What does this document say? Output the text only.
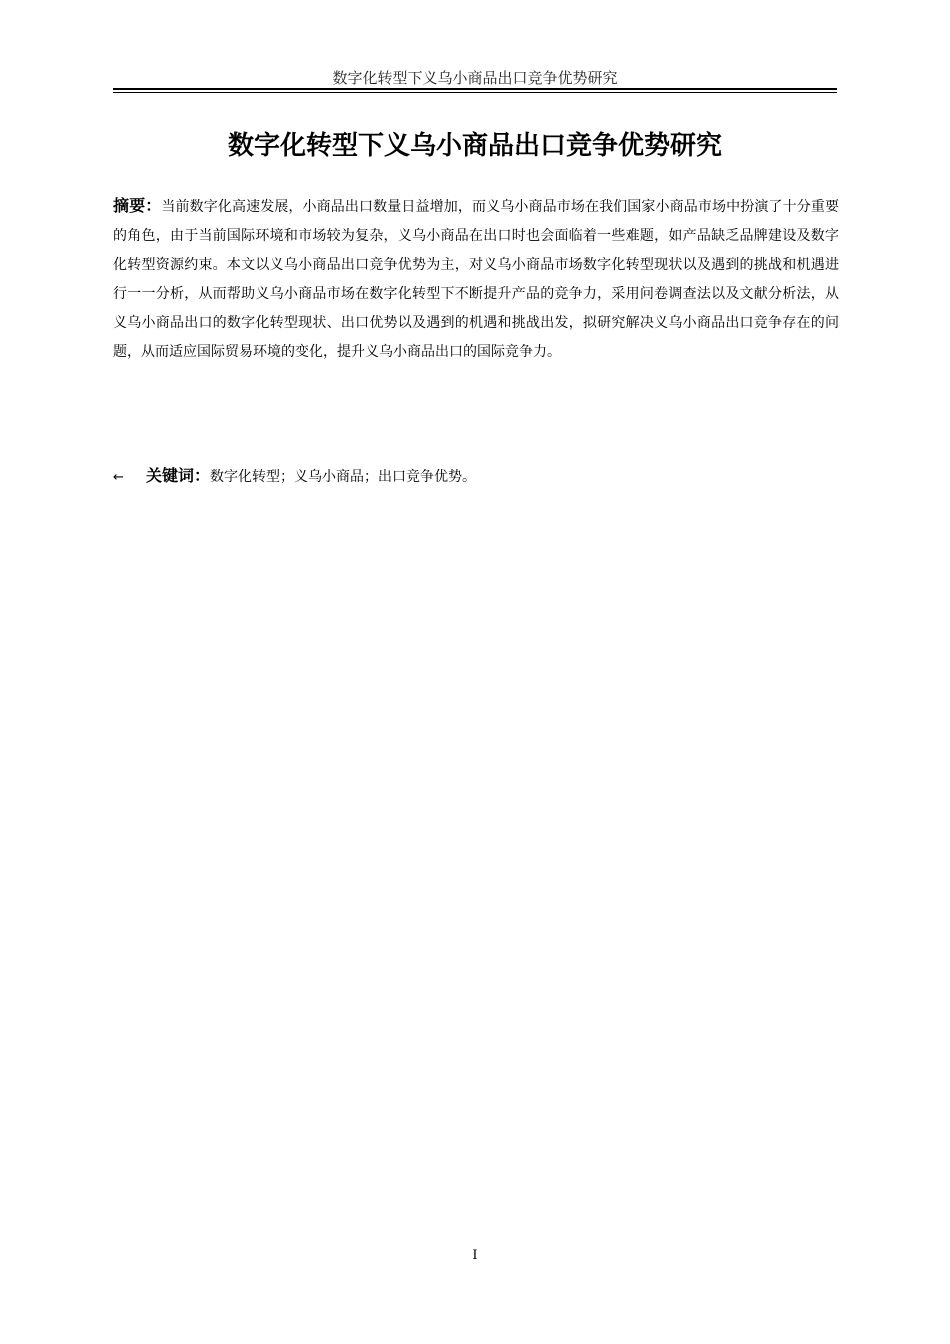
数字化转型下义乌小商品出口竞争优势研究
数字化转型下义乌小商品出口竞争优势研究

摘要：当前数字化高速发展，小商品出口数量日益增加，而义乌小商品市场在我们国家小商品市场中扮演了十分重要的角色，由于当前国际环境和市场较为复杂，义乌小商品在出口时也会面临着一些难题，如产品缺乏品牌建设及数字化转型资源约束。本文以义乌小商品出口竞争优势为主，对义乌小商品市场数字化转型现状以及遇到的挑战和机遇进行一一分析，从而帮助义乌小商品市场在数字化转型下不断提升产品的竞争力，采用问卷调查法以及文献分析法，从义乌小商品出口的数字化转型现状、出口优势以及遇到的机遇和挑战出发，拟研究解决义乌小商品出口竞争存在的问题，从而适应国际贸易环境的变化，提升义乌小商品出口的国际竞争力。

← 关键词：数字化转型；义乌小商品；出口竞争优势。

I
